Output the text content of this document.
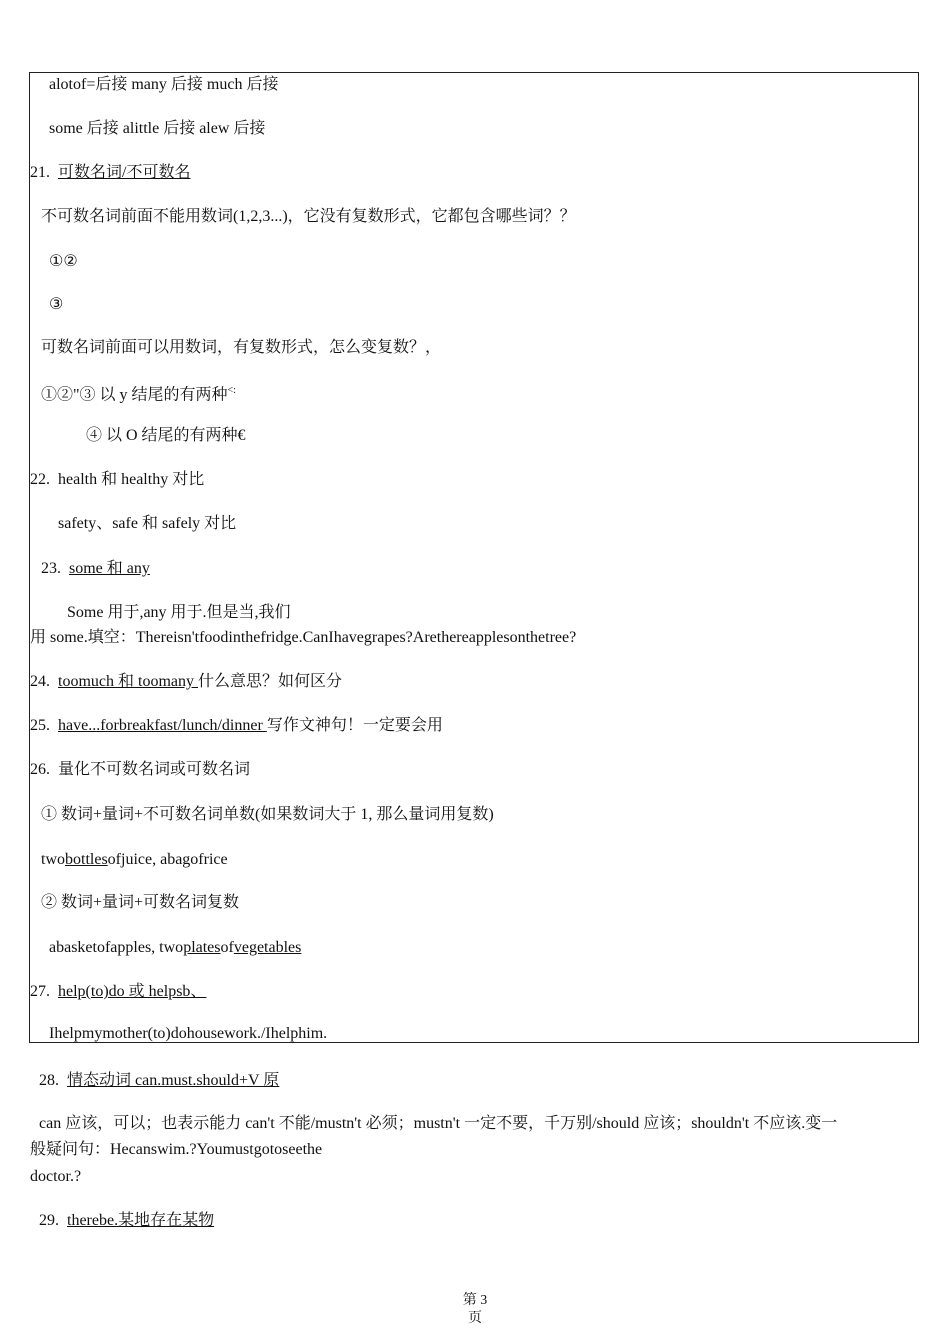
alotof=后接 many 后接 much 后接
some 后接 alittle 后接 alew 后接
21. 可数名词/不可数名
不可数名词前面不能用数词(1,2,3...)，它没有复数形式，它都包含哪些词？？
①②
③
可数名词前面可以用数词，有复数形式，怎么变复数？，
①②"③ 以 y 结尾的有两种<:
④ 以 O 结尾的有两种€
22. health 和 healthy 对比
safety、safe 和 safely 对比
23. some 和 any
Some 用于,any 用于.但是当,我们
用 some.填空：Thereisn'tfoodinthefridge.CanIhavegrapes?Arethereapplesonthetree?
24. toomuch 和 toomany 什么意思？如何区分
25. have...forbreakfast/lunch/dinner 写作文神句！一定要会用
26. 量化不可数名词或可数名词
① 数词+量词+不可数名词单数(如果数词大于 1, 那么量词用复数)
twobottlesofjuice, abagofrice
② 数词+量词+可数名词复数
abasketofapples, twoplatesofvegetables
27. help(to)do 或 helpsb、
Ihelpmymother(to)dohousework./Ihelphim.
28. 情态动词 can.must.should+V 原
can 应该，可以；也表示能力 can't 不能/mustn't 必须；mustn't 一定不要，千万别/should 应该；shouldn't 不应该.变一
般疑问句：Hecanswim.?Youmustgotoseethe
doctor.?
29. therebe.某地存在某物
第 3
页
